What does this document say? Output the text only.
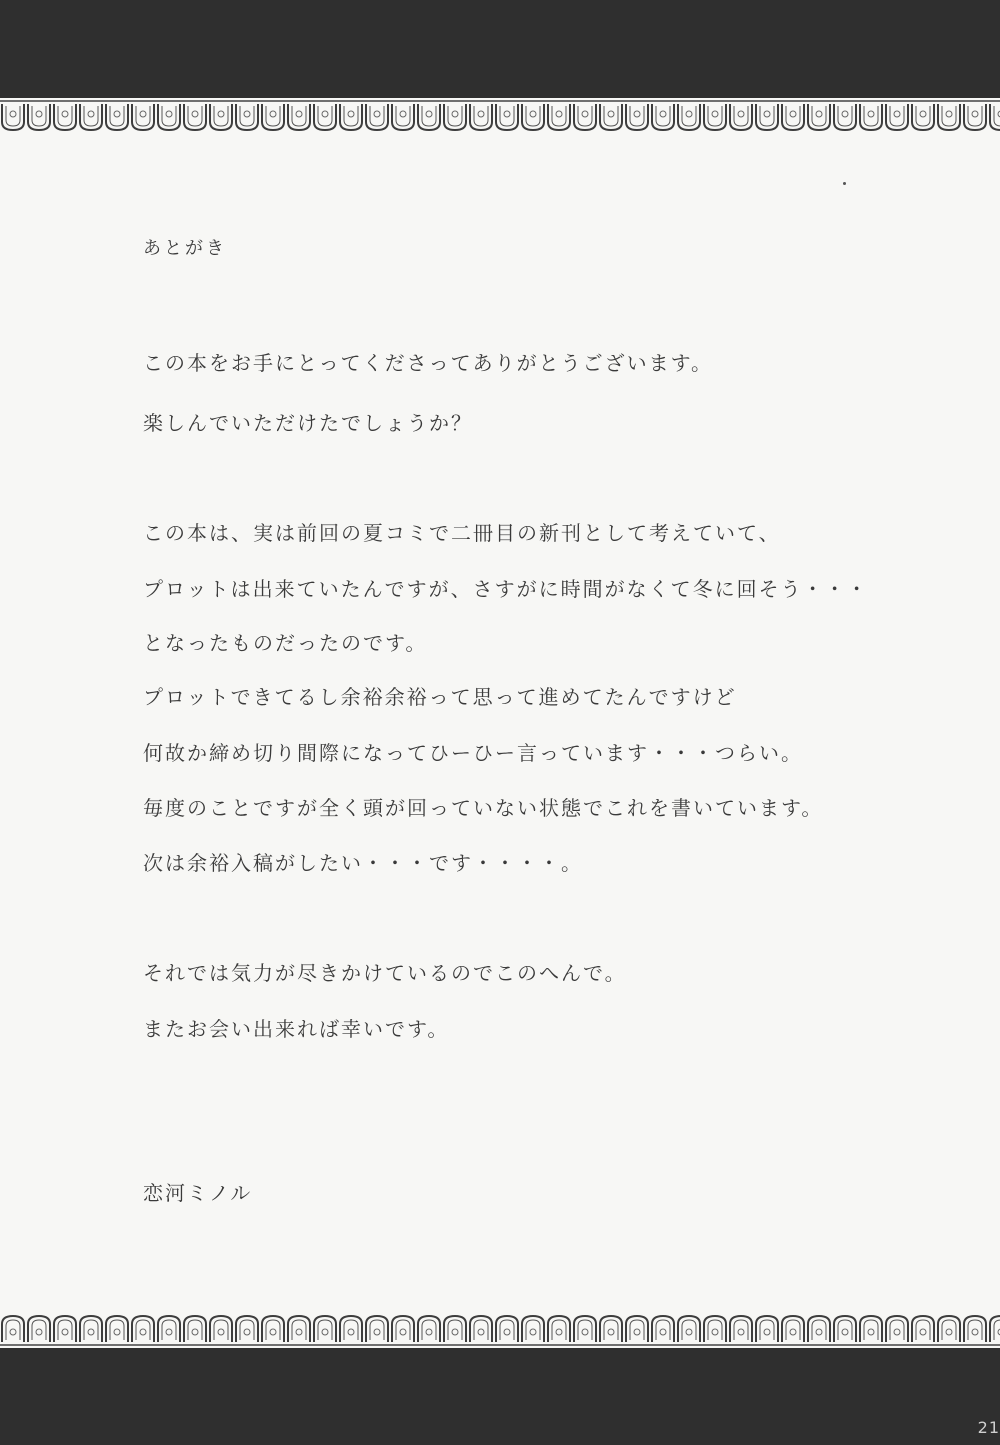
あとがき
この本をお手にとってくださってありがとうございます。
楽しんでいただけたでしょうか？
この本は、実は前回の夏コミで二冊目の新刊として考えていて、
プロットは出来ていたんですが、さすがに時間がなくて冬に回そう・・・
となったものだったのです。
プロットできてるし余裕余裕って思って進めてたんですけど
何故か締め切り間際になってひーひー言っています・・・つらい。
毎度のことですが全く頭が回っていない状態でこれを書いています。
次は余裕入稿がしたい・・・です・・・・。
それでは気力が尽きかけているのでこのへんで。
またお会い出来れば幸いです。
恋河ミノル
21
